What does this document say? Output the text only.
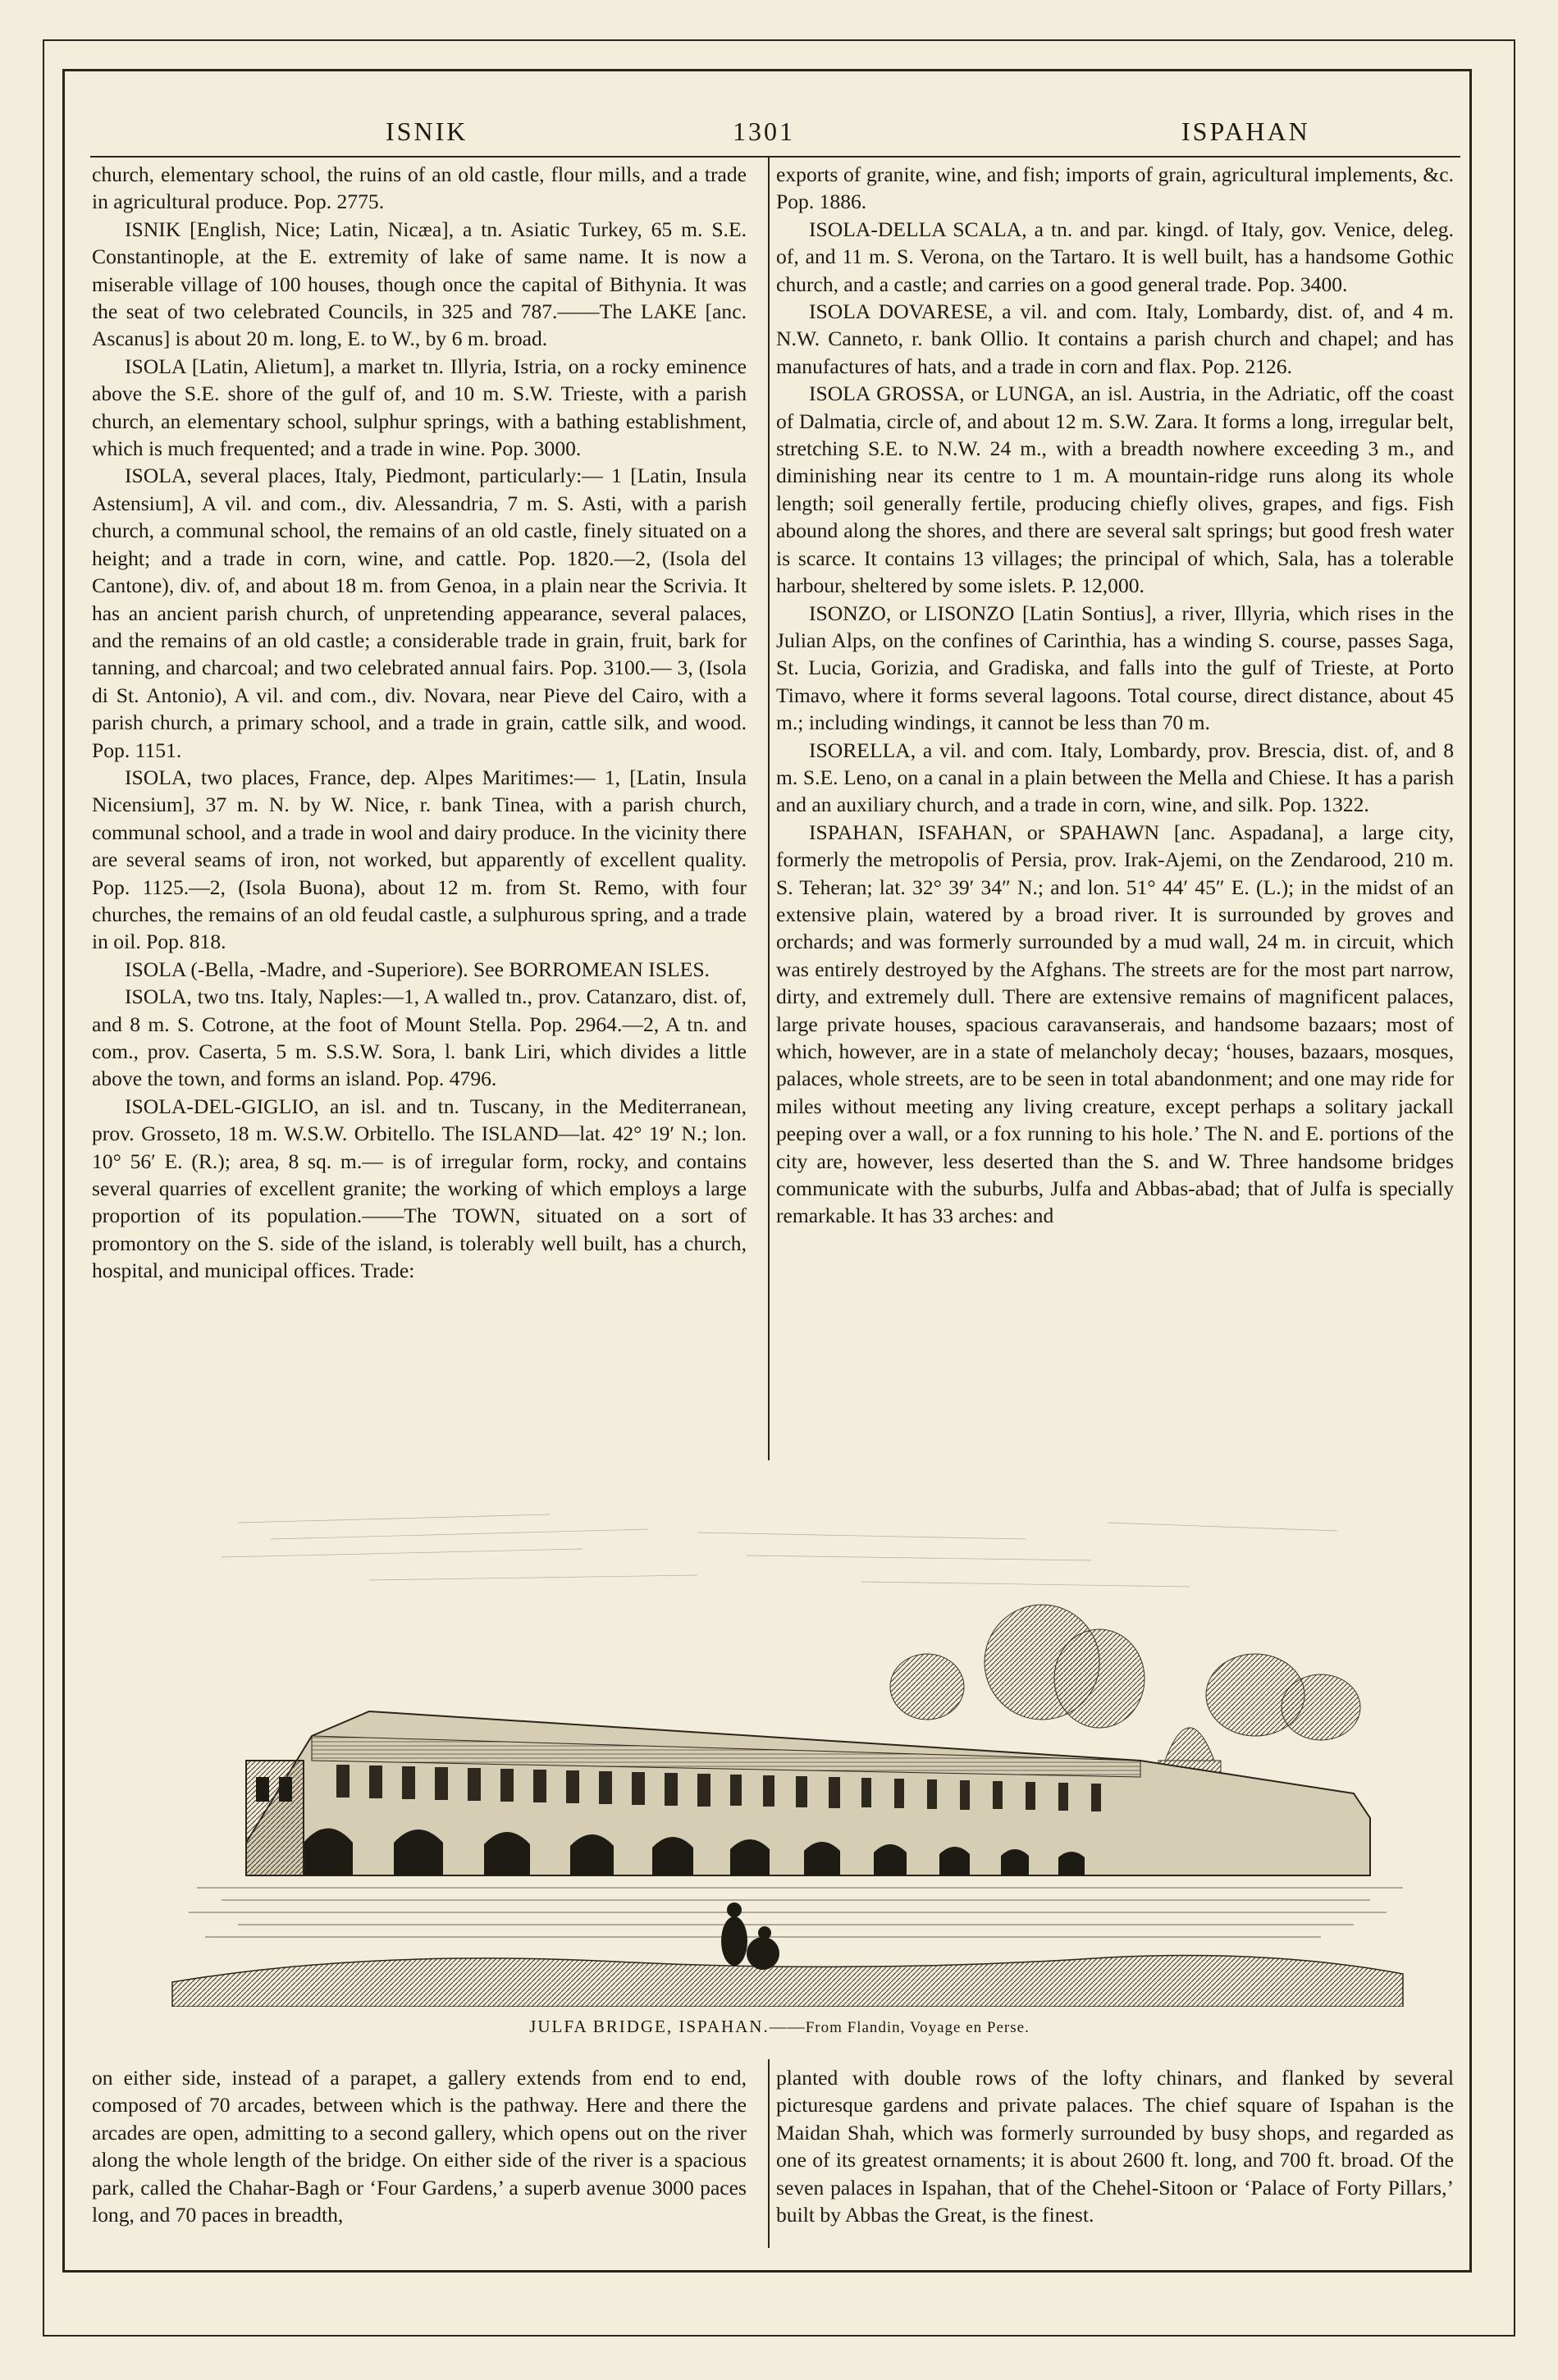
ISNIK	1301	ISPAHAN

church, elementary school, the ruins of an old castle, flour mills, and a trade in agricultural produce. Pop. 2775.

ISNIK [English, Nice; Latin, Nicæa], a tn. Asiatic Turkey, 65 m. S.E. Constantinople, at the E. extremity of lake of same name. It is now a miserable village of 100 houses, though once the capital of Bithynia. It was the seat of two celebrated Councils, in 325 and 787.——The LAKE [anc. Ascanus] is about 20 m. long, E. to W., by 6 m. broad.

ISOLA [Latin, Alietum], a market tn. Illyria, Istria, on a rocky eminence above the S.E. shore of the gulf of, and 10 m. S.W. Trieste, with a parish church, an elementary school, sulphur springs, with a bathing establishment, which is much frequented; and a trade in wine. Pop. 3000.

ISOLA, several places, Italy, Piedmont, particularly:— 1 [Latin, Insula Astensium], A vil. and com., div. Alessandria, 7 m. S. Asti, with a parish church, a communal school, the remains of an old castle, finely situated on a height; and a trade in corn, wine, and cattle. Pop. 1820.—2, (Isola del Cantone), div. of, and about 18 m. from Genoa, in a plain near the Scrivia. It has an ancient parish church, of unpretending appearance, several palaces, and the remains of an old castle; a considerable trade in grain, fruit, bark for tanning, and charcoal; and two celebrated annual fairs. Pop. 3100.— 3, (Isola di St. Antonio), A vil. and com., div. Novara, near Pieve del Cairo, with a parish church, a primary school, and a trade in grain, cattle silk, and wood. Pop. 1151.

ISOLA, two places, France, dep. Alpes Maritimes:— 1, [Latin, Insula Nicensium], 37 m. N. by W. Nice, r. bank Tinea, with a parish church, communal school, and a trade in wool and dairy produce. In the vicinity there are several seams of iron, not worked, but apparently of excellent quality. Pop. 1125.—2, (Isola Buona), about 12 m. from St. Remo, with four churches, the remains of an old feudal castle, a sulphurous spring, and a trade in oil. Pop. 818.

ISOLA (-Bella, -Madre, and -Superiore). See BORROMEAN ISLES.

ISOLA, two tns. Italy, Naples:—1, A walled tn., prov. Catanzaro, dist. of, and 8 m. S. Cotrone, at the foot of Mount Stella. Pop. 2964.—2, A tn. and com., prov. Caserta, 5 m. S.S.W. Sora, l. bank Liri, which divides a little above the town, and forms an island. Pop. 4796.

ISOLA-DEL-GIGLIO, an isl. and tn. Tuscany, in the Mediterranean, prov. Grosseto, 18 m. W.S.W. Orbitello. The ISLAND—lat. 42° 19′ N.; lon. 10° 56′ E. (R.); area, 8 sq. m.— is of irregular form, rocky, and contains several quarries of excellent granite; the working of which employs a large proportion of its population.——The TOWN, situated on a sort of promontory on the S. side of the island, is tolerably well built, has a church, hospital, and municipal offices. Trade:

exports of granite, wine, and fish; imports of grain, agricultural implements, &c. Pop. 1886.

ISOLA-DELLA SCALA, a tn. and par. kingd. of Italy, gov. Venice, deleg. of, and 11 m. S. Verona, on the Tartaro. It is well built, has a handsome Gothic church, and a castle; and carries on a good general trade. Pop. 3400.

ISOLA DOVARESE, a vil. and com. Italy, Lombardy, dist. of, and 4 m. N.W. Canneto, r. bank Ollio. It contains a parish church and chapel; and has manufactures of hats, and a trade in corn and flax. Pop. 2126.

ISOLA GROSSA, or LUNGA, an isl. Austria, in the Adriatic, off the coast of Dalmatia, circle of, and about 12 m. S.W. Zara. It forms a long, irregular belt, stretching S.E. to N.W. 24 m., with a breadth nowhere exceeding 3 m., and diminishing near its centre to 1 m. A mountain-ridge runs along its whole length; soil generally fertile, producing chiefly olives, grapes, and figs. Fish abound along the shores, and there are several salt springs; but good fresh water is scarce. It contains 13 villages; the principal of which, Sala, has a tolerable harbour, sheltered by some islets. P. 12,000.

ISONZO, or LISONZO [Latin Sontius], a river, Illyria, which rises in the Julian Alps, on the confines of Carinthia, has a winding S. course, passes Saga, St. Lucia, Gorizia, and Gradiska, and falls into the gulf of Trieste, at Porto Timavo, where it forms several lagoons. Total course, direct distance, about 45 m.; including windings, it cannot be less than 70 m.

ISORELLA, a vil. and com. Italy, Lombardy, prov. Brescia, dist. of, and 8 m. S.E. Leno, on a canal in a plain between the Mella and Chiese. It has a parish and an auxiliary church, and a trade in corn, wine, and silk. Pop. 1322.

ISPAHAN, ISFAHAN, or SPAHAWN [anc. Aspadana], a large city, formerly the metropolis of Persia, prov. Irak-Ajemi, on the Zendarood, 210 m. S. Teheran; lat. 32° 39′ 34″ N.; and lon. 51° 44′ 45″ E. (L.); in the midst of an extensive plain, watered by a broad river. It is surrounded by groves and orchards; and was formerly surrounded by a mud wall, 24 m. in circuit, which was entirely destroyed by the Afghans. The streets are for the most part narrow, dirty, and extremely dull. There are extensive remains of magnificent palaces, large private houses, spacious caravanserais, and handsome bazaars; most of which, however, are in a state of melancholy decay; ‘houses, bazaars, mosques, palaces, whole streets, are to be seen in total abandonment; and one may ride for miles without meeting any living creature, except perhaps a solitary jackall peeping over a wall, or a fox running to his hole.’ The N. and E. portions of the city are, however, less deserted than the S. and W. Three handsome bridges communicate with the suburbs, Julfa and Abbas-abad; that of Julfa is specially remarkable. It has 33 arches: and

JULFA BRIDGE, ISPAHAN.——From Flandin, Voyage en Perse.

on either side, instead of a parapet, a gallery extends from end to end, composed of 70 arcades, between which is the pathway. Here and there the arcades are open, admitting to a second gallery, which opens out on the river along the whole length of the bridge. On either side of the river is a spacious park, called the Chahar-Bagh or ‘Four Gardens,’ a superb avenue 3000 paces long, and 70 paces in breadth,

planted with double rows of the lofty chinars, and flanked by several picturesque gardens and private palaces. The chief square of Ispahan is the Maidan Shah, which was formerly surrounded by busy shops, and regarded as one of its greatest ornaments; it is about 2600 ft. long, and 700 ft. broad. Of the seven palaces in Ispahan, that of the Chehel-Sitoon or ‘Palace of Forty Pillars,’ built by Abbas the Great, is the finest.
